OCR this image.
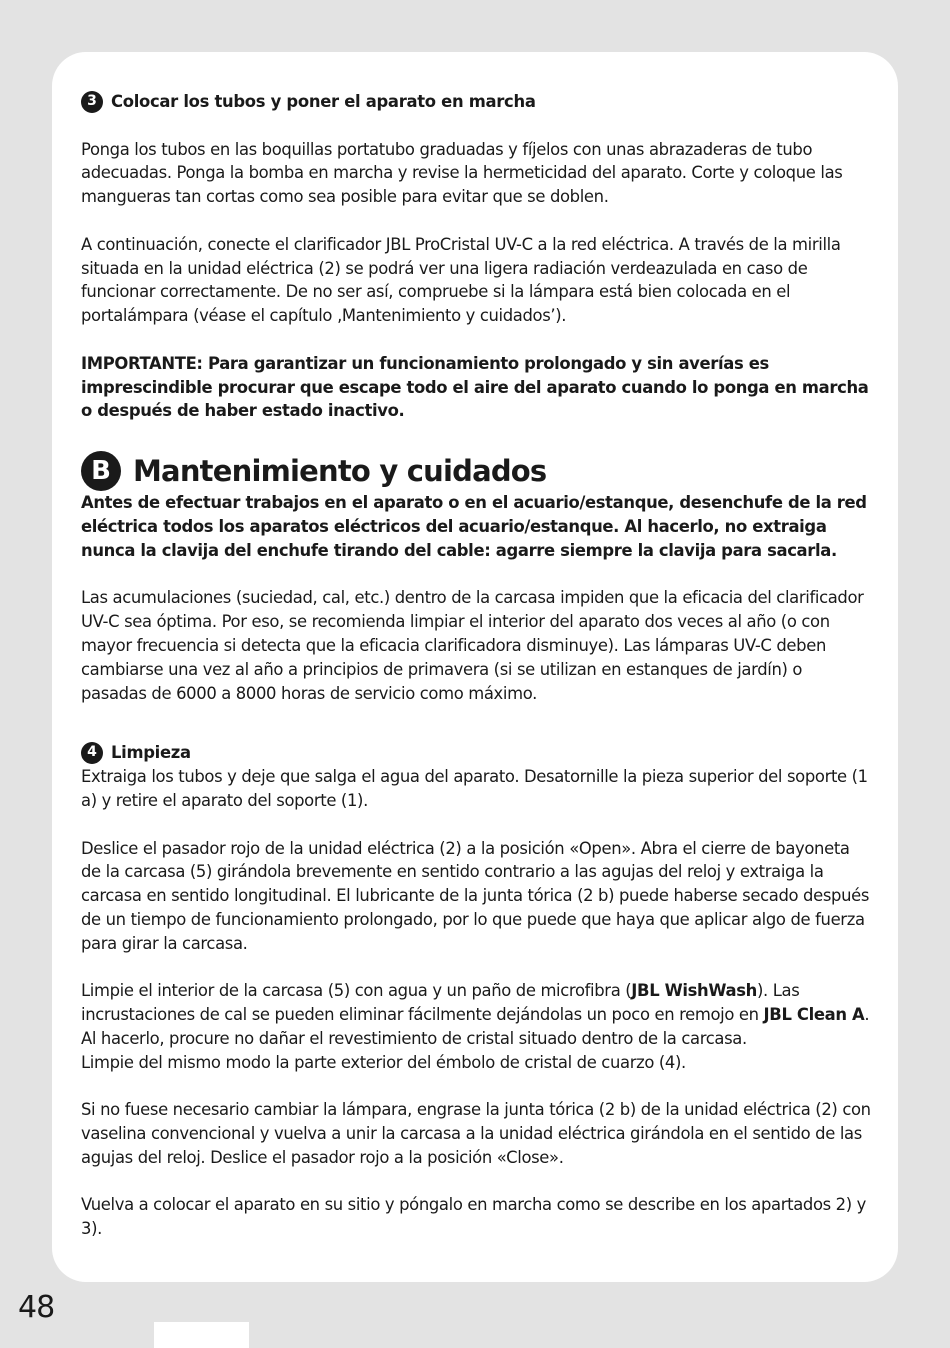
3 Colocar los tubos y poner el aparato en marcha

Ponga los tubos en las boquillas portatubo graduadas y fíjelos con unas abrazaderas de tubo adecuadas. Ponga la bomba en marcha y revise la hermeticidad del aparato. Corte y coloque las mangueras tan cortas como sea posible para evitar que se doblen.

A continuación, conecte el clarificador JBL ProCristal UV-C a la red eléctrica. A través de la mirilla situada en la unidad eléctrica (2) se podrá ver una ligera radiación verdeazulada en caso de funcionar correctamente. De no ser así, compruebe si la lámpara está bien colocada en el portalámpara (véase el capítulo ‚Mantenimiento y cuidados’).

IMPORTANTE: Para garantizar un funcionamiento prolongado y sin averías es imprescindible procurar que escape todo el aire del aparato cuando lo ponga en marcha o después de haber estado inactivo.

B Mantenimiento y cuidados

Antes de efectuar trabajos en el aparato o en el acuario/estanque, desenchufe de la red eléctrica todos los aparatos eléctricos del acuario/estanque. Al hacerlo, no extraiga nunca la clavija del enchufe tirando del cable: agarre siempre la clavija para sacarla.

Las acumulaciones (suciedad, cal, etc.) dentro de la carcasa impiden que la eficacia del clarificador UV-C sea óptima. Por eso, se recomienda limpiar el interior del aparato dos veces al año (o con mayor frecuencia si detecta que la eficacia clarificadora disminuye). Las lámparas UV-C deben cambiarse una vez al año a principios de primavera (si se utilizan en estanques de jardín) o pasadas de 6000 a 8000 horas de servicio como máximo.

4 Limpieza

Extraiga los tubos y deje que salga el agua del aparato. Desatornille la pieza superior del soporte (1 a) y retire el aparato del soporte (1).

Deslice el pasador rojo de la unidad eléctrica (2) a la posición «Open». Abra el cierre de bayoneta de la carcasa (5) girándola brevemente en sentido contrario a las agujas del reloj y extraiga la carcasa en sentido longitudinal. El lubricante de la junta tórica (2 b) puede haberse secado después de un tiempo de funcionamiento prolongado, por lo que puede que haya que aplicar algo de fuerza para girar la carcasa.

Limpie el interior de la carcasa (5) con agua y un paño de microfibra (JBL WishWash). Las incrustaciones de cal se pueden eliminar fácilmente dejándolas un poco en remojo en JBL Clean A. Al hacerlo, procure no dañar el revestimiento de cristal situado dentro de la carcasa.
Limpie del mismo modo la parte exterior del émbolo de cristal de cuarzo (4).

Si no fuese necesario cambiar la lámpara, engrase la junta tórica (2 b) de la unidad eléctrica (2) con vaselina convencional y vuelva a unir la carcasa a la unidad eléctrica girándola en el sentido de las agujas del reloj. Deslice el pasador rojo a la posición «Close».

Vuelva a colocar el aparato en su sitio y póngalo en marcha como se describe en los apartados 2) y 3).

48
